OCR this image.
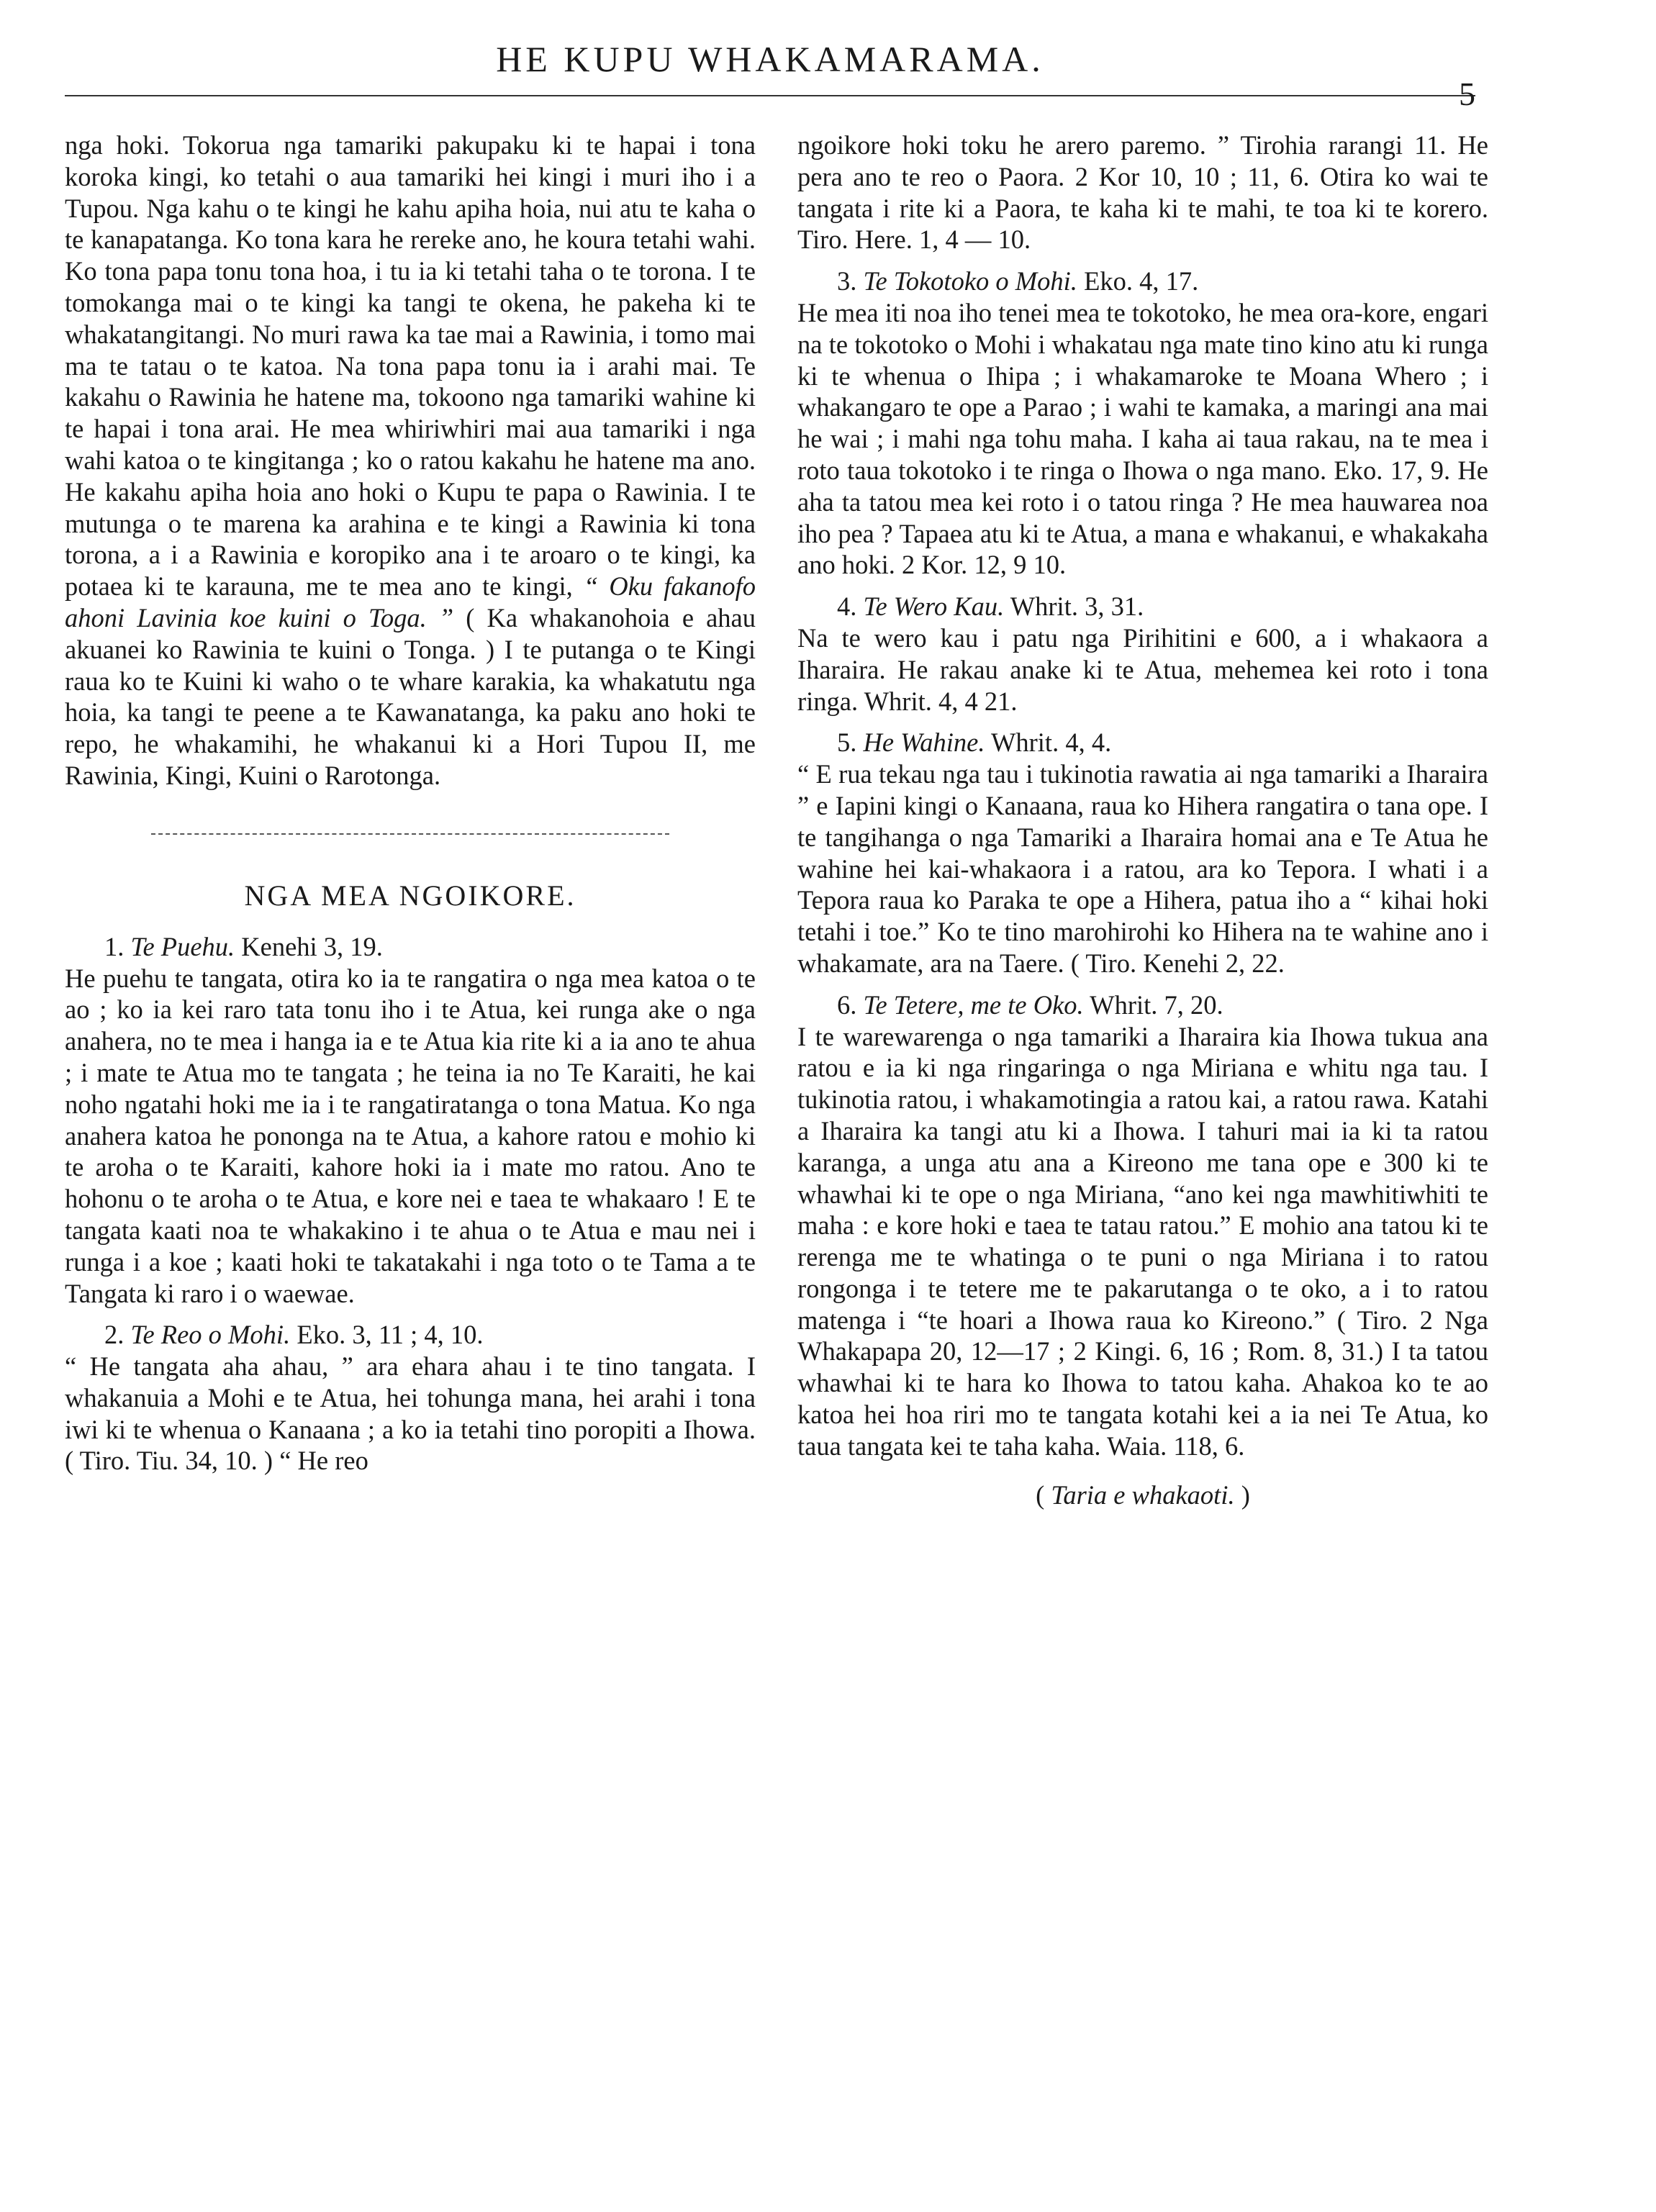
HE KUPU WHAKAMARAMA.
5

nga hoki. Tokorua nga tamariki pakupaku ki te hapai i tona koroka kingi, ko tetahi o aua tamariki hei kingi i muri iho i a Tupou. Nga kahu o te kingi he kahu apiha hoia, nui atu te kaha o te kanapatanga. Ko tona kara he rereke ano, he koura tetahi wahi. Ko tona papa tonu tona hoa, i tu ia ki tetahi taha o te torona. I te tomokanga mai o te kingi ka tangi te okena, he pakeha ki te whakatangitangi. No muri rawa ka tae mai a Rawinia, i tomo mai ma te tatau o te katoa. Na tona papa tonu ia i arahi mai. Te kakahu o Rawinia he hatene ma, tokoono nga tamariki wahine ki te hapai i tona arai. He mea whiriwhiri mai aua tamariki i nga wahi katoa o te kingitanga ; ko o ratou kakahu he hatene ma ano. He kakahu apiha hoia ano hoki o Kupu te papa o Rawinia. I te mutunga o te marena ka arahina e te kingi a Rawinia ki tona torona, a i a Rawinia e koropiko ana i te aroaro o te kingi, ka potaea ki te karauna, me te mea ano te kingi, “ Oku fakanofo ahoni Lavinia koe kuini o Toga. ” ( Ka whakanohoia e ahau akuanei ko Rawinia te kuini o Tonga. ) I te putanga o te Kingi raua ko te Kuini ki waho o te whare karakia, ka whakatutu nga hoia, ka tangi te peene a te Kawanatanga, ka paku ano hoki te repo, he whakamihi, he whakanui ki a Hori Tupou II, me Rawinia, Kingi, Kuini o Rarotonga.

NGA MEA NGOIKORE.

1. Te Puehu. Kenehi 3, 19.

He puehu te tangata, otira ko ia te rangatira o nga mea katoa o te ao ; ko ia kei raro tata tonu iho i te Atua, kei runga ake o nga anahera, no te mea i hanga ia e te Atua kia rite ki a ia ano te ahua ; i mate te Atua mo te tangata ; he teina ia no Te Karaiti, he kai noho ngatahi hoki me ia i te rangatiratanga o tona Matua. Ko nga anahera katoa he pononga na te Atua, a kahore ratou e mohio ki te aroha o te Karaiti, kahore hoki ia i mate mo ratou. Ano te hohonu o te aroha o te Atua, e kore nei e taea te whakaaro ! E te tangata kaati noa te whakakino i te ahua o te Atua e mau nei i runga i a koe ; kaati hoki te takatakahi i nga toto o te Tama a te Tangata ki raro i o waewae.

2. Te Reo o Mohi. Eko. 3, 11 ; 4, 10.

“ He tangata aha ahau, ” ara ehara ahau i te tino tangata. I whakanuia a Mohi e te Atua, hei tohunga mana, hei arahi i tona iwi ki te whenua o Kanaana ; a ko ia tetahi tino poropiti a Ihowa. ( Tiro. Tiu. 34, 10. ) “ He reo

ngoikore hoki toku he arero paremo. ” Tirohia rarangi 11. He pera ano te reo o Paora. 2 Kor 10, 10 ; 11, 6. Otira ko wai te tangata i rite ki a Paora, te kaha ki te mahi, te toa ki te korero. Tiro. Here. 1, 4 — 10.

3. Te Tokotoko o Mohi. Eko. 4, 17.

He mea iti noa iho tenei mea te tokotoko, he mea ora-kore, engari na te tokotoko o Mohi i whakatau nga mate tino kino atu ki runga ki te whenua o Ihipa ; i whakamaroke te Moana Whero ; i whakangaro te ope a Parao ; i wahi te kamaka, a maringi ana mai he wai ; i mahi nga tohu maha. I kaha ai taua rakau, na te mea i roto taua tokotoko i te ringa o Ihowa o nga mano. Eko. 17, 9. He aha ta tatou mea kei roto i o tatou ringa ? He mea hauwarea noa iho pea ? Tapaea atu ki te Atua, a mana e whakanui, e whakakaha ano hoki. 2 Kor. 12, 9 10.

4. Te Wero Kau. Whrit. 3, 31.

Na te wero kau i patu nga Pirihitini e 600, a i whakaora a Iharaira. He rakau anake ki te Atua, mehemea kei roto i tona ringa. Whrit. 4, 4 21.

5. He Wahine. Whrit. 4, 4.

“ E rua tekau nga tau i tukinotia rawatia ai nga tamariki a Iharaira ” e Iapini kingi o Kanaana, raua ko Hihera rangatira o tana ope. I te tangihanga o nga Tamariki a Iharaira homai ana e Te Atua he wahine hei kai-whakaora i a ratou, ara ko Tepora. I whati i a Tepora raua ko Paraka te ope a Hihera, patua iho a “ kihai hoki tetahi i toe.” Ko te tino marohirohi ko Hihera na te wahine ano i whakamate, ara na Taere. ( Tiro. Kenehi 2, 22.

6. Te Tetere, me te Oko. Whrit. 7, 20.

I te warewarenga o nga tamariki a Iharaira kia Ihowa tukua ana ratou e ia ki nga ringaringa o nga Miriana e whitu nga tau. I tukinotia ratou, i whakamotingia a ratou kai, a ratou rawa. Katahi a Iharaira ka tangi atu ki a Ihowa. I tahuri mai ia ki ta ratou karanga, a unga atu ana a Kireono me tana ope e 300 ki te whawhai ki te ope o nga Miriana, “ano kei nga mawhitiwhiti te maha : e kore hoki e taea te tatau ratou.” E mohio ana tatou ki te rerenga me te whatinga o te puni o nga Miriana i to ratou rongonga i te tetere me te pakarutanga o te oko, a i to ratou matenga i “te hoari a Ihowa raua ko Kireono.” ( Tiro. 2 Nga Whakapapa 20, 12—17 ; 2 Kingi. 6, 16 ; Rom. 8, 31.) I ta tatou whawhai ki te hara ko Ihowa to tatou kaha. Ahakoa ko te ao katoa hei hoa riri mo te tangata kotahi kei a ia nei Te Atua, ko taua tangata kei te taha kaha. Waia. 118, 6.

( Taria e whakaoti. )
